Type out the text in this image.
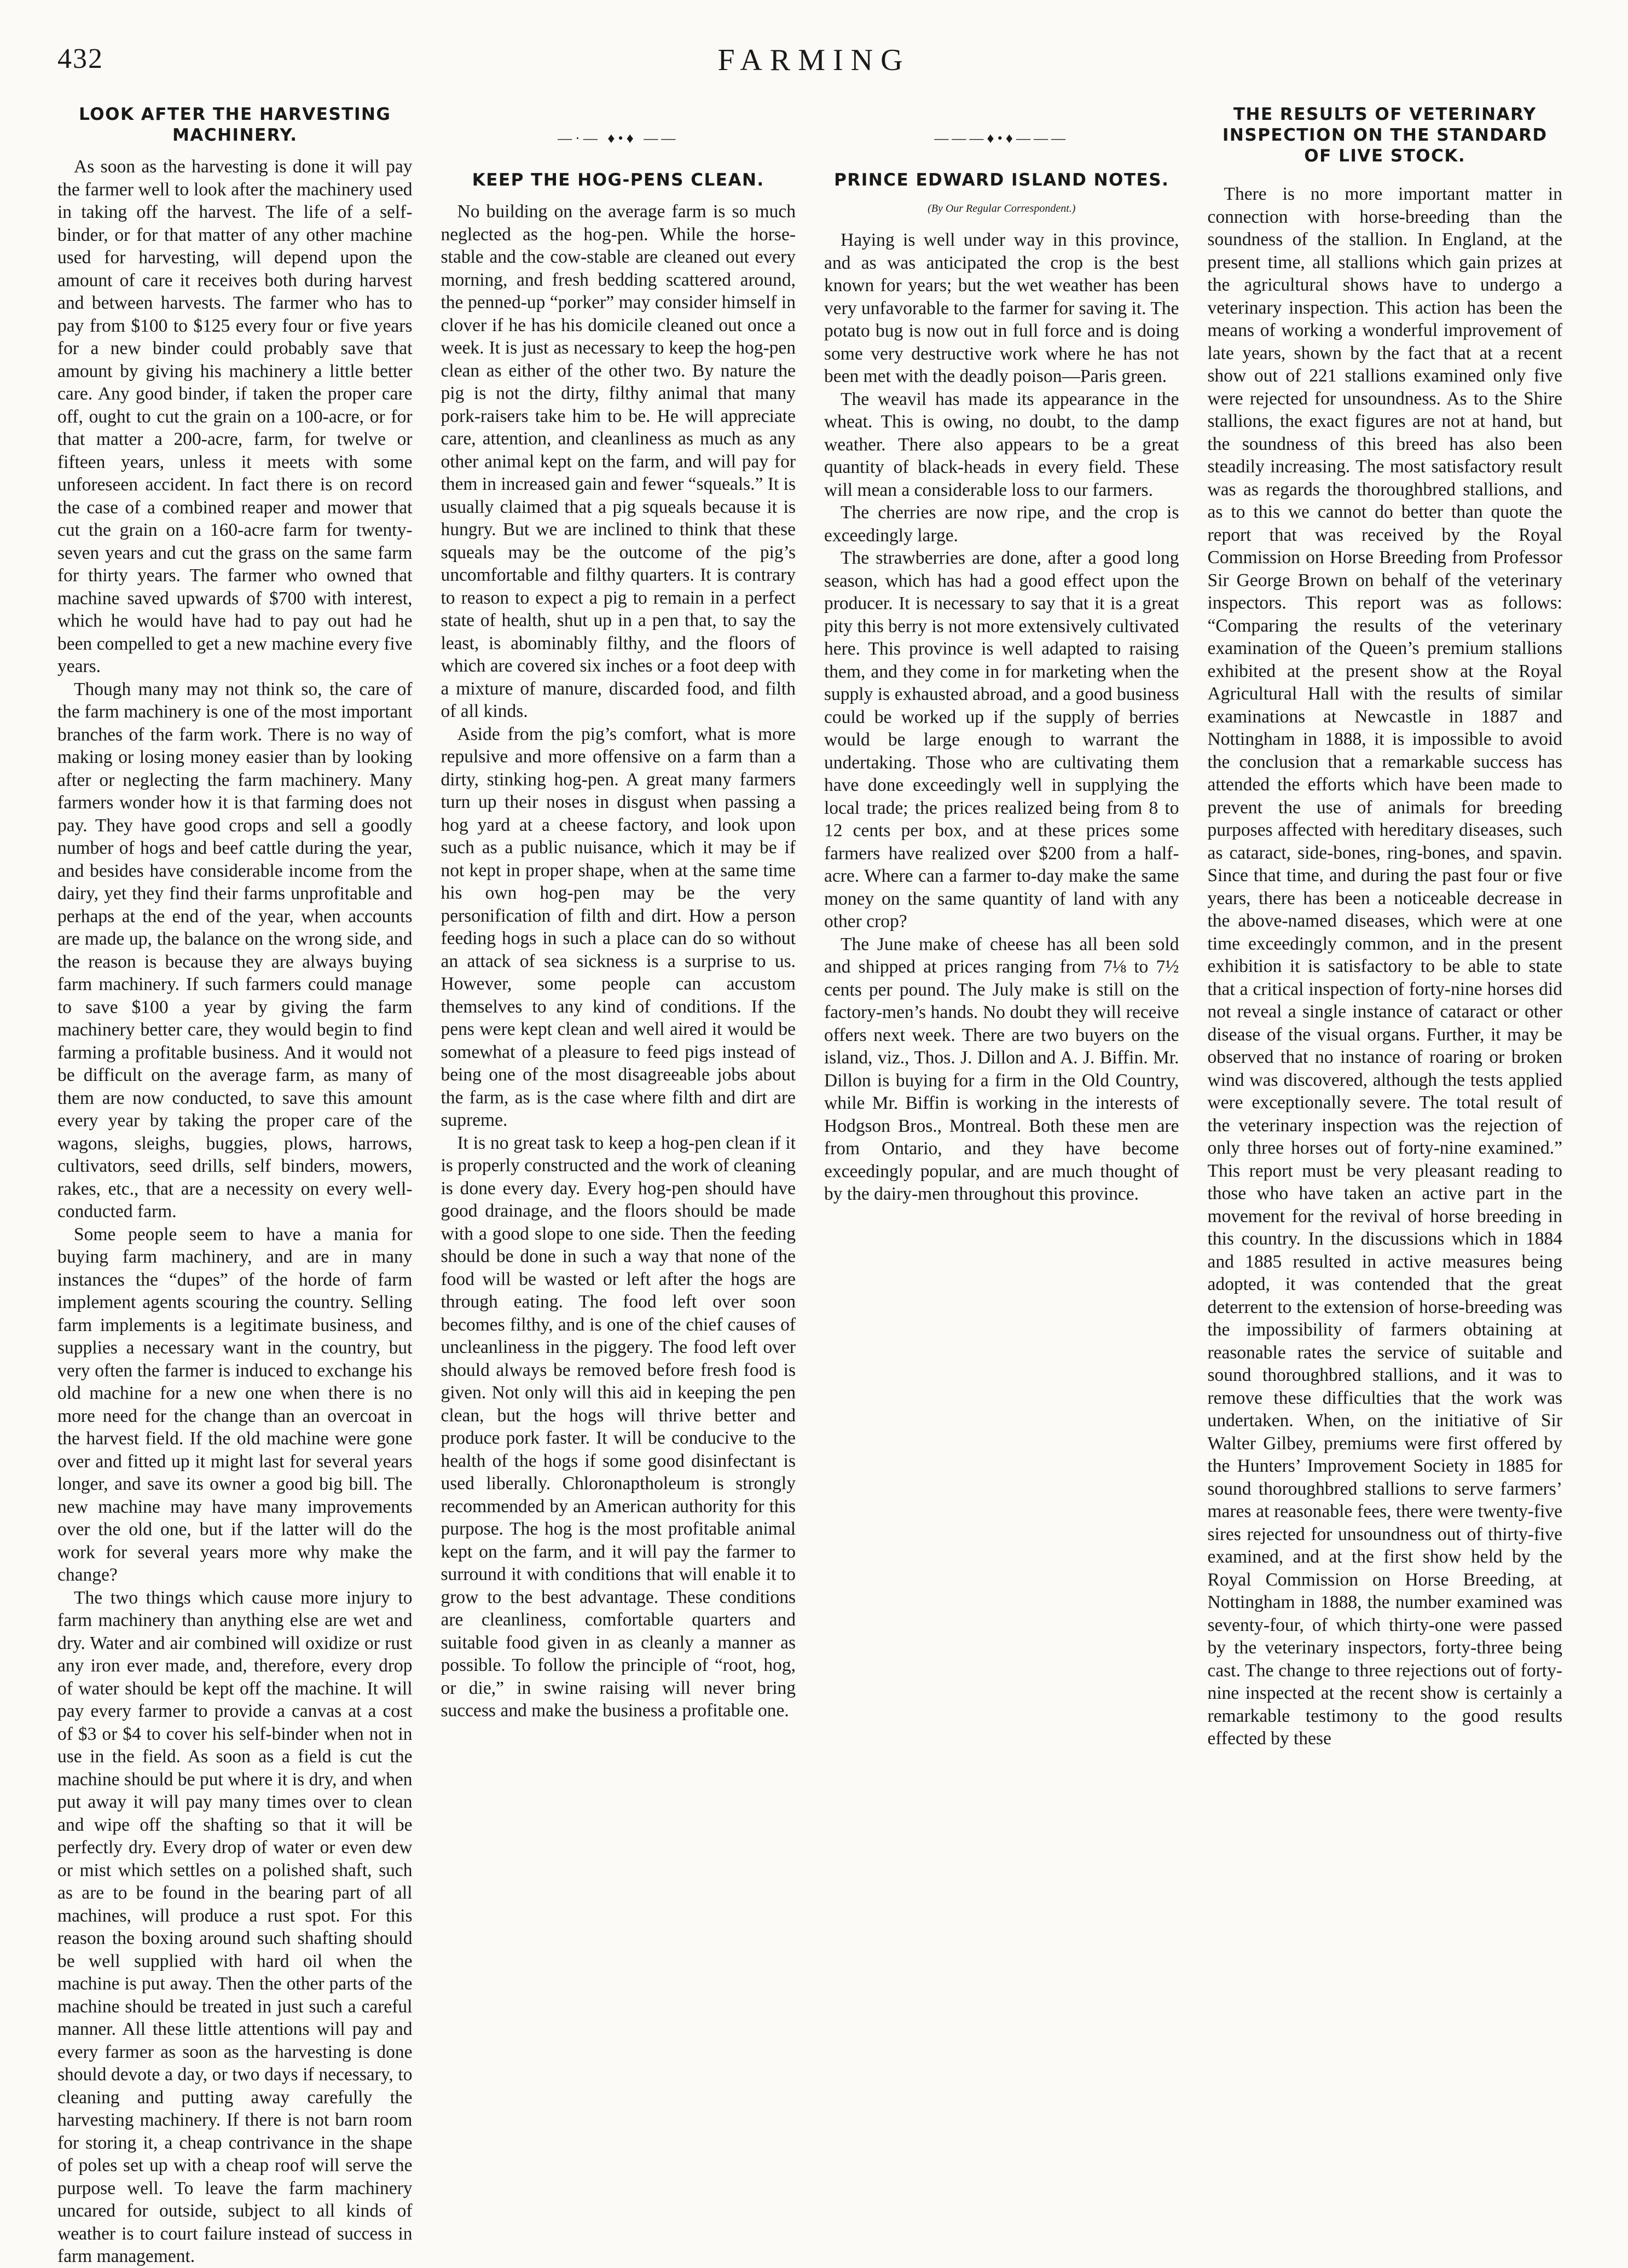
432	FARMING
LOOK AFTER THE HARVESTING MACHINERY.

As soon as the harvesting is done it will pay the farmer well to look after the machinery used in taking off the harvest. The life of a self-binder, or for that matter of any other machine used for harvesting, will depend upon the amount of care it receives both during harvest and between harvests. The farmer who has to pay from $100 to $125 every four or five years for a new binder could probably save that amount by giving his machinery a little better care. Any good binder, if taken the proper care off, ought to cut the grain on a 100-acre, or for that matter a 200-acre, farm, for twelve or fifteen years, unless it meets with some unforeseen accident. In fact there is on record the case of a combined reaper and mower that cut the grain on a 160-acre farm for twenty-seven years and cut the grass on the same farm for thirty years. The farmer who owned that machine saved upwards of $700 with interest, which he would have had to pay out had he been compelled to get a new machine every five years.

Though many may not think so, the care of the farm machinery is one of the most important branches of the farm work. There is no way of making or losing money easier than by looking after or neglecting the farm machinery. Many farmers wonder how it is that farming does not pay. They have good crops and sell a goodly number of hogs and beef cattle during the year, and besides have considerable income from the dairy, yet they find their farms unprofitable and perhaps at the end of the year, when accounts are made up, the balance on the wrong side, and the reason is because they are always buying farm machinery. If such farmers could manage to save $100 a year by giving the farm machinery better care, they would begin to find farming a profitable business. And it would not be difficult on the average farm, as many of them are now conducted, to save this amount every year by taking the proper care of the wagons, sleighs, buggies, plows, harrows, cultivators, seed drills, self binders, mowers, rakes, etc., that are a necessity on every well-conducted farm.

Some people seem to have a mania for buying farm machinery, and are in many instances the “dupes” of the horde of farm implement agents scouring the country. Selling farm implements is a legitimate business, and supplies a necessary want in the country, but very often the farmer is induced to exchange his old machine for a new one when there is no more need for the change than an overcoat in the harvest field. If the old machine were gone over and fitted up it might last for several years longer, and save its owner a good big bill. The new machine may have many improvements over the old one, but if the latter will do the work for several years more why make the change?

The two things which cause more injury to farm machinery than anything else are wet and dry. Water and air combined will oxidize or rust any iron ever made, and, therefore, every drop of water should be kept off the machine. It will pay every farmer to provide a canvas at a cost of $3 or $4 to cover his self-binder when not in use in the field. As soon as a field is cut the machine should be put where it is dry, and when put away it will pay many times over to clean and wipe off the shafting so that it will be perfectly dry. Every drop of water or even dew or mist which settles on a polished shaft, such as are to be found in the bearing part of all machines, will produce a rust spot. For this reason the boxing around such shafting should be well supplied with hard oil when the machine is put away. Then the other parts of the machine should be treated in just such a careful manner. All these little attentions will pay and every farmer as soon as the harvesting is done should devote a day, or two days if necessary, to cleaning and putting away carefully the harvesting machinery. If there is not barn room for storing it, a cheap contrivance in the shape of poles set up with a cheap roof will serve the purpose well. To leave the farm machinery uncared for outside, subject to all kinds of weather is to court failure instead of success in farm management.

—·— ♦•♦ ——
KEEP THE HOG-PENS CLEAN.

No building on the average farm is so much neglected as the hog-pen. While the horse-stable and the cow-stable are cleaned out every morning, and fresh bedding scattered around, the penned-up “porker” may consider himself in clover if he has his domicile cleaned out once a week. It is just as necessary to keep the hog-pen clean as either of the other two. By nature the pig is not the dirty, filthy animal that many pork-raisers take him to be. He will appreciate care, attention, and cleanliness as much as any other animal kept on the farm, and will pay for them in increased gain and fewer “squeals.” It is usually claimed that a pig squeals because it is hungry. But we are inclined to think that these squeals may be the outcome of the pig’s uncomfortable and filthy quarters. It is contrary to reason to expect a pig to remain in a perfect state of health, shut up in a pen that, to say the least, is abominably filthy, and the floors of which are covered six inches or a foot deep with a mixture of manure, discarded food, and filth of all kinds.

Aside from the pig’s comfort, what is more repulsive and more offensive on a farm than a dirty, stinking hog-pen. A great many farmers turn up their noses in disgust when passing a hog yard at a cheese factory, and look upon such as a public nuisance, which it may be if not kept in proper shape, when at the same time his own hog-pen may be the very personification of filth and dirt. How a person feeding hogs in such a place can do so without an attack of sea sickness is a surprise to us. However, some people can accustom themselves to any kind of conditions. If the pens were kept clean and well aired it would be somewhat of a pleasure to feed pigs instead of being one of the most disagreeable jobs about the farm, as is the case where filth and dirt are supreme.

It is no great task to keep a hog-pen clean if it is properly constructed and the work of cleaning is done every day. Every hog-pen should have good drainage, and the floors should be made with a good slope to one side. Then the feeding should be done in such a way that none of the food will be wasted or left after the hogs are through eating. The food left over soon becomes filthy, and is one of the chief causes of uncleanliness in the piggery. The food left over should always be removed before fresh food is given. Not only will this aid in keeping the pen clean, but the hogs will thrive better and produce pork faster. It will be conducive to the health of the hogs if some good disinfectant is used liberally. Chloronaptholeum is strongly recommended by an American authority for this purpose. The hog is the most profitable animal kept on the farm, and it will pay the farmer to surround it with conditions that will enable it to grow to the best advantage. These conditions are cleanliness, comfortable quarters and suitable food given in as cleanly a manner as possible. To follow the principle of “root, hog, or die,” in swine raising will never bring success and make the business a profitable one.

———♦•♦———
PRINCE EDWARD ISLAND NOTES.

(By Our Regular Correspondent.)

Haying is well under way in this province, and as was anticipated the crop is the best known for years; but the wet weather has been very unfavorable to the farmer for saving it. The potato bug is now out in full force and is doing some very destructive work where he has not been met with the deadly poison—Paris green.

The weavil has made its appearance in the wheat. This is owing, no doubt, to the damp weather. There also appears to be a great quantity of black-heads in every field. These will mean a considerable loss to our farmers.

The cherries are now ripe, and the crop is exceedingly large.

The strawberries are done, after a good long season, which has had a good effect upon the producer. It is necessary to say that it is a great pity this berry is not more extensively cultivated here. This province is well adapted to raising them, and they come in for marketing when the supply is exhausted abroad, and a good business could be worked up if the supply of berries would be large enough to warrant the undertaking. Those who are cultivating them have done exceedingly well in supplying the local trade; the prices realized being from 8 to 12 cents per box, and at these prices some farmers have realized over $200 from a half-acre. Where can a farmer to-day make the same money on the same quantity of land with any other crop?

The June make of cheese has all been sold and shipped at prices ranging from 7⅛ to 7½ cents per pound. The July make is still on the factory-men’s hands. No doubt they will receive offers next week. There are two buyers on the island, viz., Thos. J. Dillon and A. J. Biffin. Mr. Dillon is buying for a firm in the Old Country, while Mr. Biffin is working in the interests of Hodgson Bros., Montreal. Both these men are from Ontario, and they have become exceedingly popular, and are much thought of by the dairy-men throughout this province.

THE RESULTS OF VETERINARY INSPECTION ON THE STANDARD OF LIVE STOCK.

There is no more important matter in connection with horse-breeding than the soundness of the stallion. In England, at the present time, all stallions which gain prizes at the agricultural shows have to undergo a veterinary inspection. This action has been the means of working a wonderful improvement of late years, shown by the fact that at a recent show out of 221 stallions examined only five were rejected for unsoundness. As to the Shire stallions, the exact figures are not at hand, but the soundness of this breed has also been steadily increasing. The most satisfactory result was as regards the thoroughbred stallions, and as to this we cannot do better than quote the report that was received by the Royal Commission on Horse Breeding from Professor Sir George Brown on behalf of the veterinary inspectors. This report was as follows: “Comparing the results of the veterinary examination of the Queen’s premium stallions exhibited at the present show at the Royal Agricultural Hall with the results of similar examinations at Newcastle in 1887 and Nottingham in 1888, it is impossible to avoid the conclusion that a remarkable success has attended the efforts which have been made to prevent the use of animals for breeding purposes affected with hereditary diseases, such as cataract, side-bones, ring-bones, and spavin. Since that time, and during the past four or five years, there has been a noticeable decrease in the above-named diseases, which were at one time exceedingly common, and in the present exhibition it is satisfactory to be able to state that a critical inspection of forty-nine horses did not reveal a single instance of cataract or other disease of the visual organs. Further, it may be observed that no instance of roaring or broken wind was discovered, although the tests applied were exceptionally severe. The total result of the veterinary inspection was the rejection of only three horses out of forty-nine examined.” This report must be very pleasant reading to those who have taken an active part in the movement for the revival of horse breeding in this country. In the discussions which in 1884 and 1885 resulted in active measures being adopted, it was contended that the great deterrent to the extension of horse-breeding was the impossibility of farmers obtaining at reasonable rates the service of suitable and sound thoroughbred stallions, and it was to remove these difficulties that the work was undertaken. When, on the initiative of Sir Walter Gilbey, premiums were first offered by the Hunters’ Improvement Society in 1885 for sound thoroughbred stallions to serve farmers’ mares at reasonable fees, there were twenty-five sires rejected for unsoundness out of thirty-five examined, and at the first show held by the Royal Commission on Horse Breeding, at Nottingham in 1888, the number examined was seventy-four, of which thirty-one were passed by the veterinary inspectors, forty-three being cast. The change to three rejections out of forty-nine inspected at the recent show is certainly a remarkable testimony to the good results effected by these
